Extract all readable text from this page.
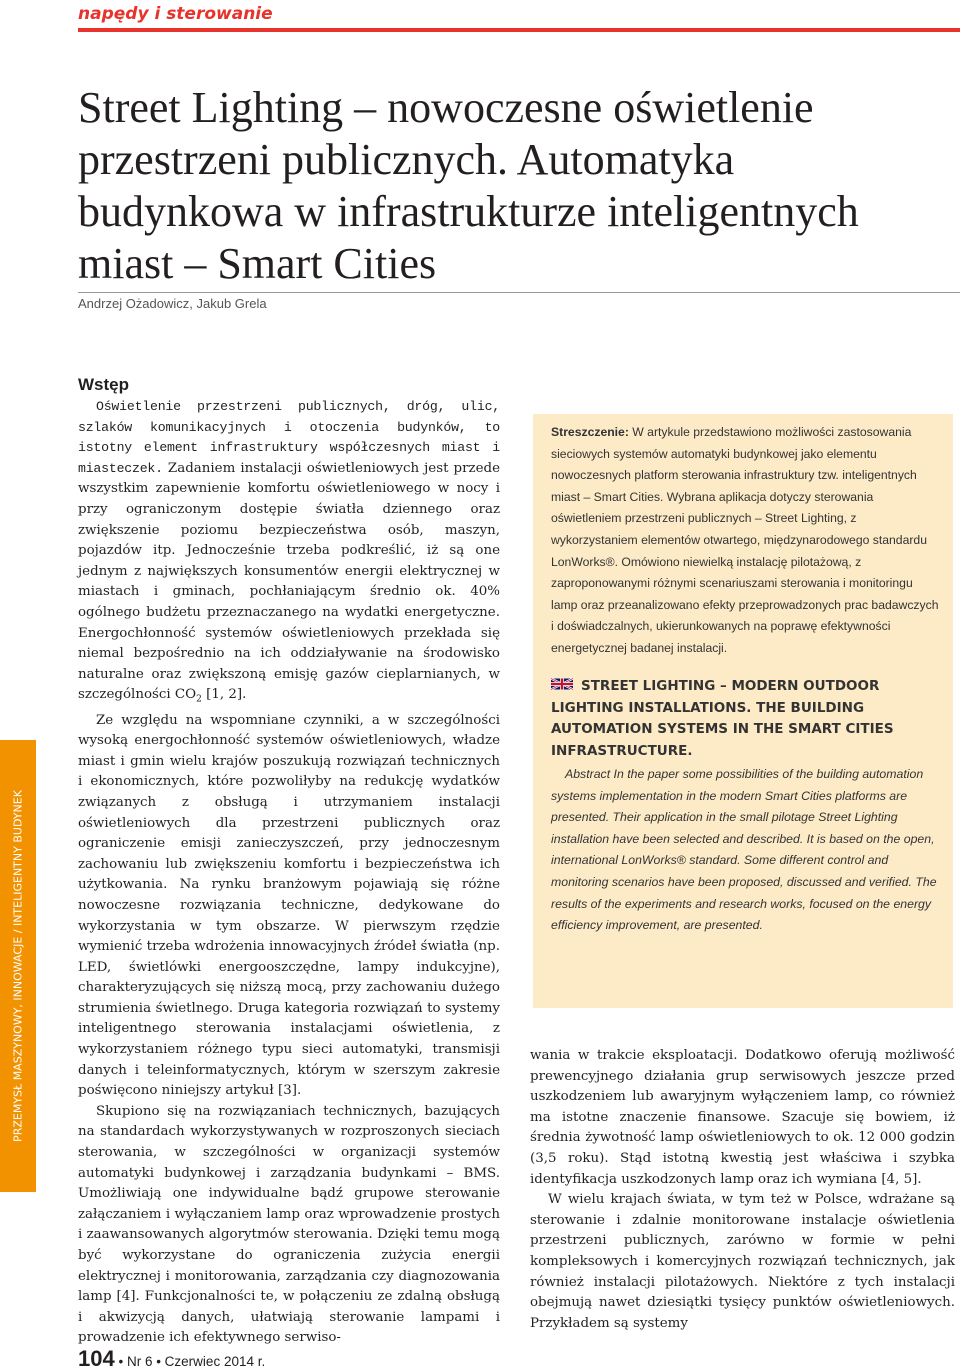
napędy i sterowanie
Street Lighting – nowoczesne oświetlenie przestrzeni publicznych. Automatyka budynkowa w infrastrukturze inteligentnych miast – Smart Cities
Andrzej Ożadowicz, Jakub Grela
PRZEMYSŁ MASZYNOWY, INNOWACJE / INTELIGENTNY BUDYNEK
Wstęp

Oświetlenie przestrzeni publicznych, dróg, ulic, szlaków komunikacyjnych i otoczenia budynków, to istotny element infrastruktury współczesnych miast i miasteczek. Zadaniem instalacji oświetleniowych jest przede wszystkim zapewnienie komfortu oświetleniowego w nocy i przy ograniczonym dostępie światła dziennego oraz zwiększenie poziomu bezpieczeństwa osób, maszyn, pojazdów itp. Jednocześnie trzeba podkreślić, iż są one jednym z największych konsumentów energii elektrycznej w miastach i gminach, pochłaniającym średnio ok. 40% ogólnego budżetu przeznaczanego na wydatki energetyczne. Energochłonność systemów oświetleniowych przekłada się niemal bezpośrednio na ich oddziaływanie na środowisko naturalne oraz zwiększoną emisję gazów cieplarnianych, w szczególności $CO_2$ [1, 2].

Ze względu na wspomniane czynniki, a w szczególności wysoką energochłonność systemów oświetleniowych, władze miast i gmin wielu krajów poszukują rozwiązań technicznych i ekonomicznych, które pozwoliłyby na redukcję wydatków związanych z obsługą i utrzymaniem instalacji oświetleniowych dla przestrzeni publicznych oraz ograniczenie emisji zanieczyszczeń, przy jednoczesnym zachowaniu lub zwiększeniu komfortu i bezpieczeństwa ich użytkowania. Na rynku branżowym pojawiają się różne nowoczesne rozwiązania techniczne, dedykowane do wykorzystania w tym obszarze. W pierwszym rzędzie wymienić trzeba wdrożenia innowacyjnych źródeł światła (np. LED, świetlówki energooszczędne, lampy indukcyjne), charakteryzujących się niższą mocą, przy zachowaniu dużego strumienia świetlnego. Druga kategoria rozwiązań to systemy inteligentnego sterowania instalacjami oświetlenia, z wykorzystaniem różnego typu sieci automatyki, transmisji danych i teleinformatycznych, którym w szerszym zakresie poświęcono niniejszy artykuł [3].

Skupiono się na rozwiązaniach technicznych, bazujących na standardach wykorzystywanych w rozproszonych sieciach sterowania, w szczególności w organizacji systemów automatyki budynkowej i zarządzania budynkami – BMS. Umożliwiają one indywidualne bądź grupowe sterowanie załączaniem i wyłączaniem lamp oraz wprowadzenie prostych i zaawansowanych algorytmów sterowania. Dzięki temu mogą być wykorzystane do ograniczenia zużycia energii elektrycznej i monitorowania, zarządzania czy diagnozowania lamp [4]. Funkcjonalności te, w połączeniu ze zdalną obsługą i akwizycją danych, ułatwiają sterowanie lampami i prowadzenie ich efektywnego serwiso-

Streszczenie: W artykule przedstawiono możliwości zastosowania sieciowych systemów automatyki budynkowej jako elementu nowoczesnych platform sterowania infrastruktury tzw. inteligentnych miast – Smart Cities. Wybrana aplikacja dotyczy sterowania oświetleniem przestrzeni publicznych – Street Lighting, z wykorzystaniem elementów otwartego, międzynarodowego standardu LonWorks®. Omówiono niewielką instalację pilotażową, z zaproponowanymi różnymi scenariuszami sterowania i monitoringu lamp oraz przeanalizowano efekty przeprowadzonych prac badawczych i doświadczalnych, ukierunkowanych na poprawę efektywności energetycznej badanej instalacji.

STREET LIGHTING – MODERN OUTDOOR LIGHTING INSTALLATIONS. THE BUILDING AUTOMATION SYSTEMS IN THE SMART CITIES INFRASTRUCTURE.

Abstract In the paper some possibilities of the building automation systems implementation in the modern Smart Cities platforms are presented. Their application in the small pilotage Street Lighting installation have been selected and described. It is based on the open, international LonWorks® standard. Some different control and monitoring scenarios have been proposed, discussed and verified. The results of the experiments and research works, focused on the energy efficiency improvement, are presented.

wania w trakcie eksploatacji. Dodatkowo oferują możliwość prewencyjnego działania grup serwisowych jeszcze przed uszkodzeniem lub awaryjnym wyłączeniem lamp, co również ma istotne znaczenie finansowe. Szacuje się bowiem, iż średnia żywotność lamp oświetleniowych to ok. 12 000 godzin (3,5 roku). Stąd istotną kwestią jest właściwa i szybka identyfikacja uszkodzonych lamp oraz ich wymiana [4, 5].

W wielu krajach świata, w tym też w Polsce, wdrażane są sterowanie i zdalnie monitorowane instalacje oświetlenia przestrzeni publicznych, zarówno w formie w pełni kompleksowych i komercyjnych rozwiązań technicznych, jak również instalacji pilotażowych. Niektóre z tych instalacji obejmują nawet dziesiątki tysięcy punktów oświetleniowych. Przykładem są systemy

104 • Nr 6 • Czerwiec 2014 r.
